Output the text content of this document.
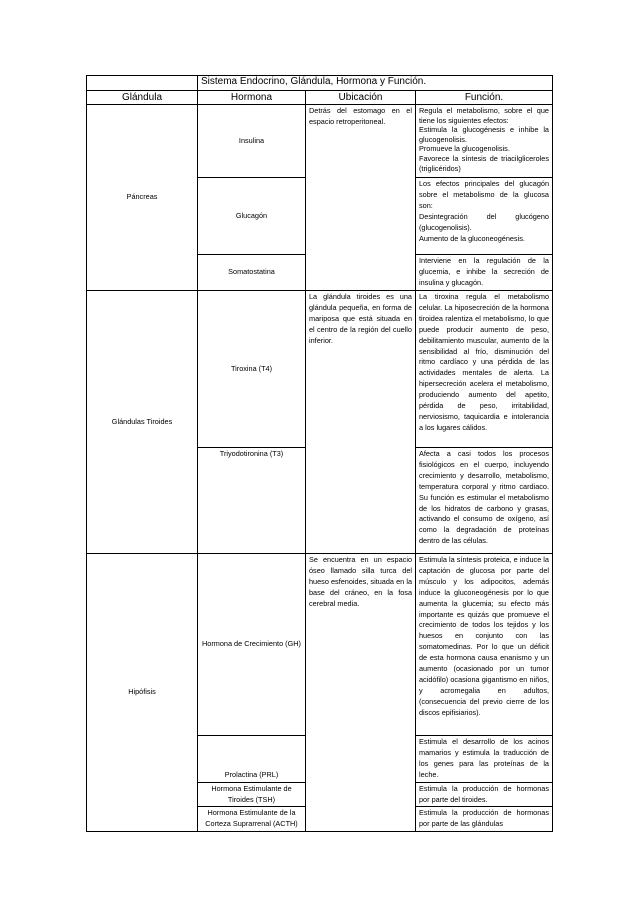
	Sistema Endocrino, Glándula, Hormona y Función.		
Glándula	Hormona	Ubicación	Función.
Páncreas	Insulina	Detrás del estomago en el espacio retroperitoneal.	Regula el metabolismo, sobre el que tiene los siguientes efectos:
Estimula la glucogénesis e inhibe la glucogenolisis.
Promueve la glucogenolisis.
Favorece la síntesis de triacilgliceroles (triglicéridos)

	Glucagón		Los efectos principales del glucagón sobre el metabolismo de la glucosa son:
Desintegración del glucógeno (glucogenolisis).
Aumento de la gluconeogénesis.

	Somatostatina		Interviene en la regulación de la glucemia, e inhibe la secreción de insulina y glucagón.
Glándulas Tiroides	Tiroxina (T4)	La glándula tiroides es una glándula pequeña, en forma de mariposa que está situada en el centro de la región del cuello inferior.	La tiroxina regula el metabolismo celular. La hiposecreción de la hormona tiroidea ralentiza el metabolismo, lo que puede producir aumento de peso, debilitamiento muscular, aumento de la sensibilidad al frío, disminución del ritmo cardíaco y una pérdida de las actividades mentales de alerta. La hipersecreción acelera el metabolismo, produciendo aumento del apetito, pérdida de peso, irritabilidad, nerviosismo, taquicardia e intolerancia a los lugares cálidos.
	Triyodotironina (T3)		Afecta a casi todos los procesos fisiológicos en el cuerpo, incluyendo crecimiento y desarrollo, metabolismo, temperatura corporal y ritmo cardiaco. Su función es estimular el metabolismo de los hidratos de carbono y grasas, activando el consumo de oxígeno, así como la degradación de proteínas dentro de las células.
Hipófisis	Hormona de Crecimiento (GH)	Se encuentra en un espacio óseo llamado silla turca del hueso esfenoides, situada en la base del cráneo, en la fosa cerebral media.	Estimula la síntesis proteica, e induce la captación de glucosa por parte del músculo y los adipocitos, además induce la gluconeogénesis por lo que aumenta la glucemia; su efecto más importante es quizás que promueve el crecimiento de todos los tejidos y los huesos en conjunto con las somatomedinas. Por lo que un déficit de esta hormona causa enanismo y un aumento (ocasionado por un tumor acidófilo) ocasiona gigantismo en niños, y acromegalia en adultos, (consecuencia del previo cierre de los discos epifisiarios).
	Prolactina (PRL)		Estimula el desarrollo de los acinos mamarios y estimula la traducción de los genes para las proteínas de la leche.
	Hormona Estimulante de Tiroides (TSH)		Estimula la producción de hormonas por parte del tiroides.
	Hormona Estimulante de la Corteza Suprarrenal (ACTH)		Estimula la producción de hormonas por parte de las glándulas
